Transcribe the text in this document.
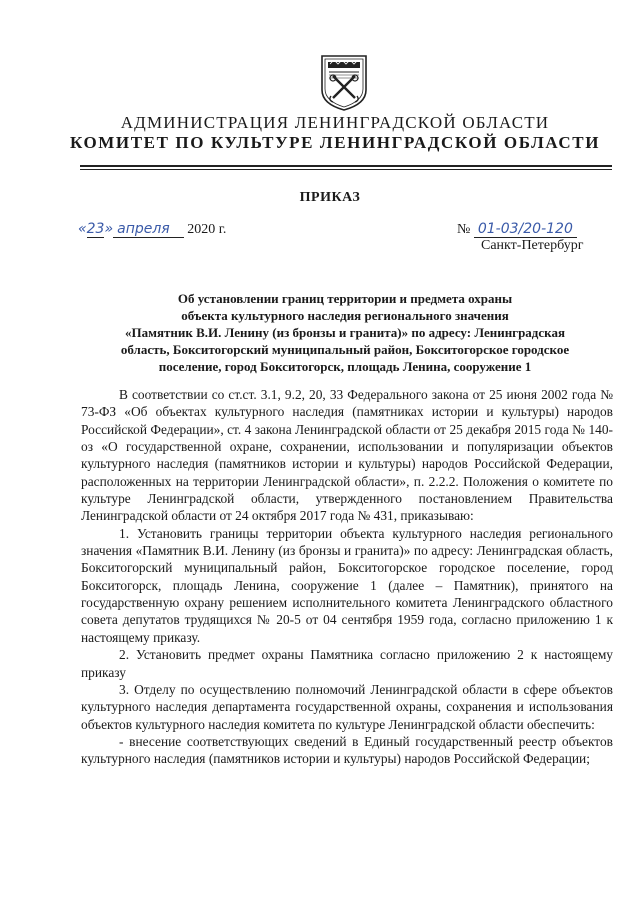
АДМИНИСТРАЦИЯ ЛЕНИНГРАДСКОЙ ОБЛАСТИ
КОМИТЕТ ПО КУЛЬТУРЕ ЛЕНИНГРАДСКОЙ ОБЛАСТИ
ПРИКАЗ
«23» апреля 2020 г.	№ 01-03/20-120
Санкт-Петербург
Об установлении границ территории и предмета охраны
объекта культурного наследия регионального значения
«Памятник В.И. Ленину (из бронзы и гранита)» по адресу: Ленинградская
область, Бокситогорский муниципальный район, Бокситогорское городское
поселение, город Бокситогорск, площадь Ленина, сооружение 1

В соответствии со ст.ст. 3.1, 9.2, 20, 33 Федерального закона от 25 июня 2002 года № 73-ФЗ «Об объектах культурного наследия (памятниках истории и культуры) народов Российской Федерации», ст. 4 закона Ленинградской области от 25 декабря 2015 года № 140-оз «О государственной охране, сохранении, использовании и популяризации объектов культурного наследия (памятников истории и культуры) народов Российской Федерации, расположенных на территории Ленинградской области», п. 2.2.2. Положения о комитете по культуре Ленинградской области, утвержденного постановлением Правительства Ленинградской области от 24 октября 2017 года № 431, приказываю:

1. Установить границы территории объекта культурного наследия регионального значения «Памятник В.И. Ленину (из бронзы и гранита)» по адресу: Ленинградская область, Бокситогорский муниципальный район, Бокситогорское городское поселение, город Бокситогорск, площадь Ленина, сооружение 1 (далее – Памятник), принятого на государственную охрану решением исполнительного комитета Ленинградского областного совета депутатов трудящихся № 20-5 от 04 сентября 1959 года, согласно приложению 1 к настоящему приказу.

2. Установить предмет охраны Памятника согласно приложению 2 к настоящему приказу

3. Отделу по осуществлению полномочий Ленинградской области в сфере объектов культурного наследия департамента государственной охраны, сохранения и использования объектов культурного наследия комитета по культуре Ленинградской области обеспечить:

- внесение соответствующих сведений в Единый государственный реестр объектов культурного наследия (памятников истории и культуры) народов Российской Федерации;
